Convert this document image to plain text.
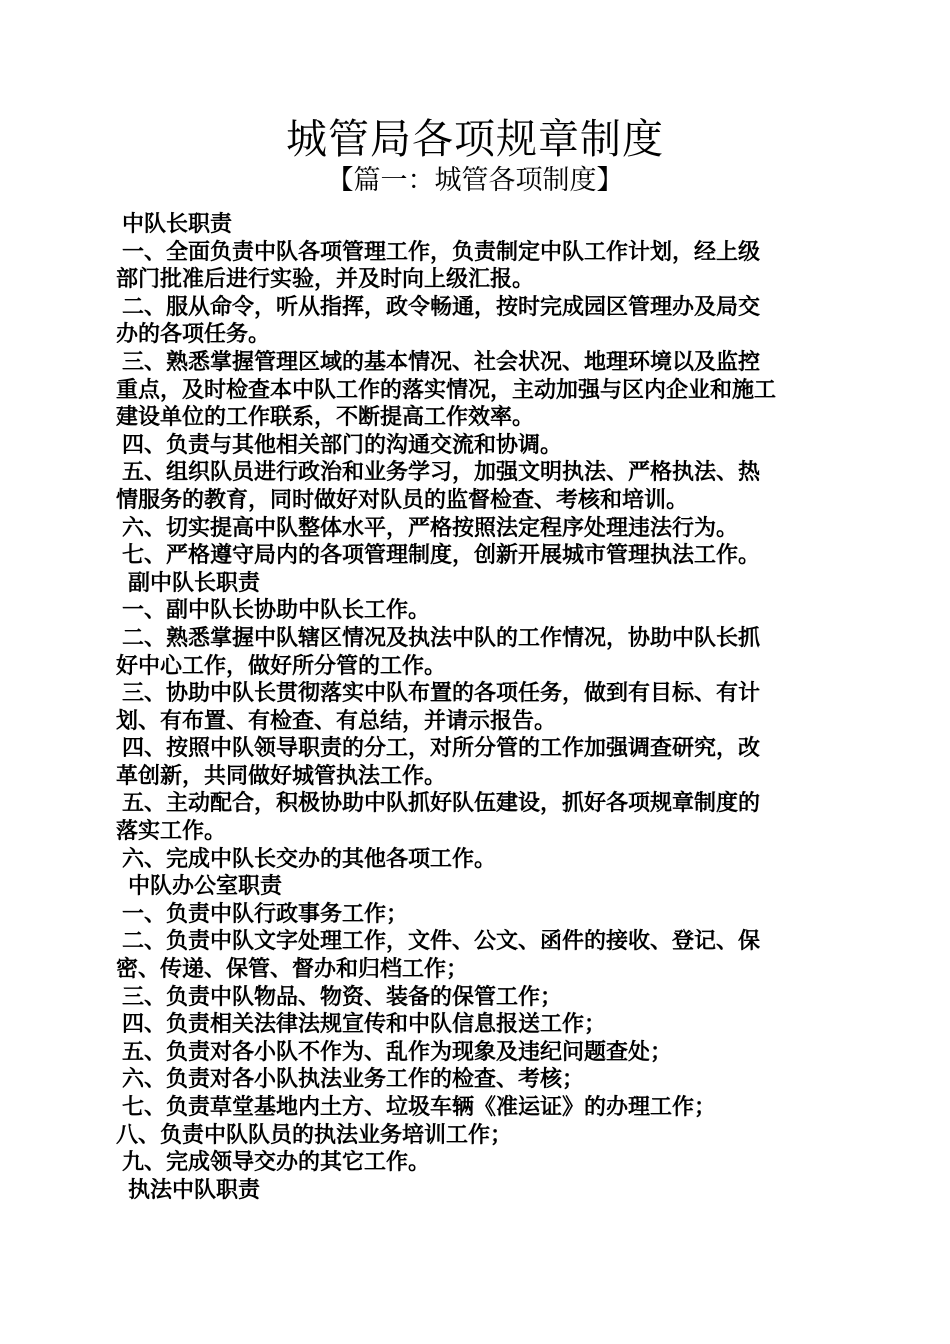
城管局各项规章制度

【篇一：城管各项制度】

中队长职责

一、全面负责中队各项管理工作，负责制定中队工作计划，经上级

部门批准后进行实验，并及时向上级汇报。

二、服从命令，听从指挥，政令畅通，按时完成园区管理办及局交

办的各项任务。

三、熟悉掌握管理区域的基本情况、社会状况、地理环境以及监控

重点，及时检查本中队工作的落实情况，主动加强与区内企业和施工

建设单位的工作联系，不断提高工作效率。

四、负责与其他相关部门的沟通交流和协调。

五、组织队员进行政治和业务学习，加强文明执法、严格执法、热

情服务的教育，同时做好对队员的监督检查、考核和培训。

六、切实提高中队整体水平，严格按照法定程序处理违法行为。

七、严格遵守局内的各项管理制度，创新开展城市管理执法工作。

副中队长职责

一、副中队长协助中队长工作。

二、熟悉掌握中队辖区情况及执法中队的工作情况，协助中队长抓

好中心工作，做好所分管的工作。

三、协助中队长贯彻落实中队布置的各项任务，做到有目标、有计

划、有布置、有检查、有总结，并请示报告。

四、按照中队领导职责的分工，对所分管的工作加强调查研究，改

革创新，共同做好城管执法工作。

五、主动配合，积极协助中队抓好队伍建设，抓好各项规章制度的

落实工作。

六、完成中队长交办的其他各项工作。

中队办公室职责

一、负责中队行政事务工作；

二、负责中队文字处理工作，文件、公文、函件的接收、登记、保

密、传递、保管、督办和归档工作；

三、负责中队物品、物资、装备的保管工作；

四、负责相关法律法规宣传和中队信息报送工作；

五、负责对各小队不作为、乱作为现象及违纪问题查处；

六、负责对各小队执法业务工作的检查、考核；

七、负责草堂基地内土方、垃圾车辆《准运证》的办理工作；

八、负责中队队员的执法业务培训工作；

九、完成领导交办的其它工作。

执法中队职责
